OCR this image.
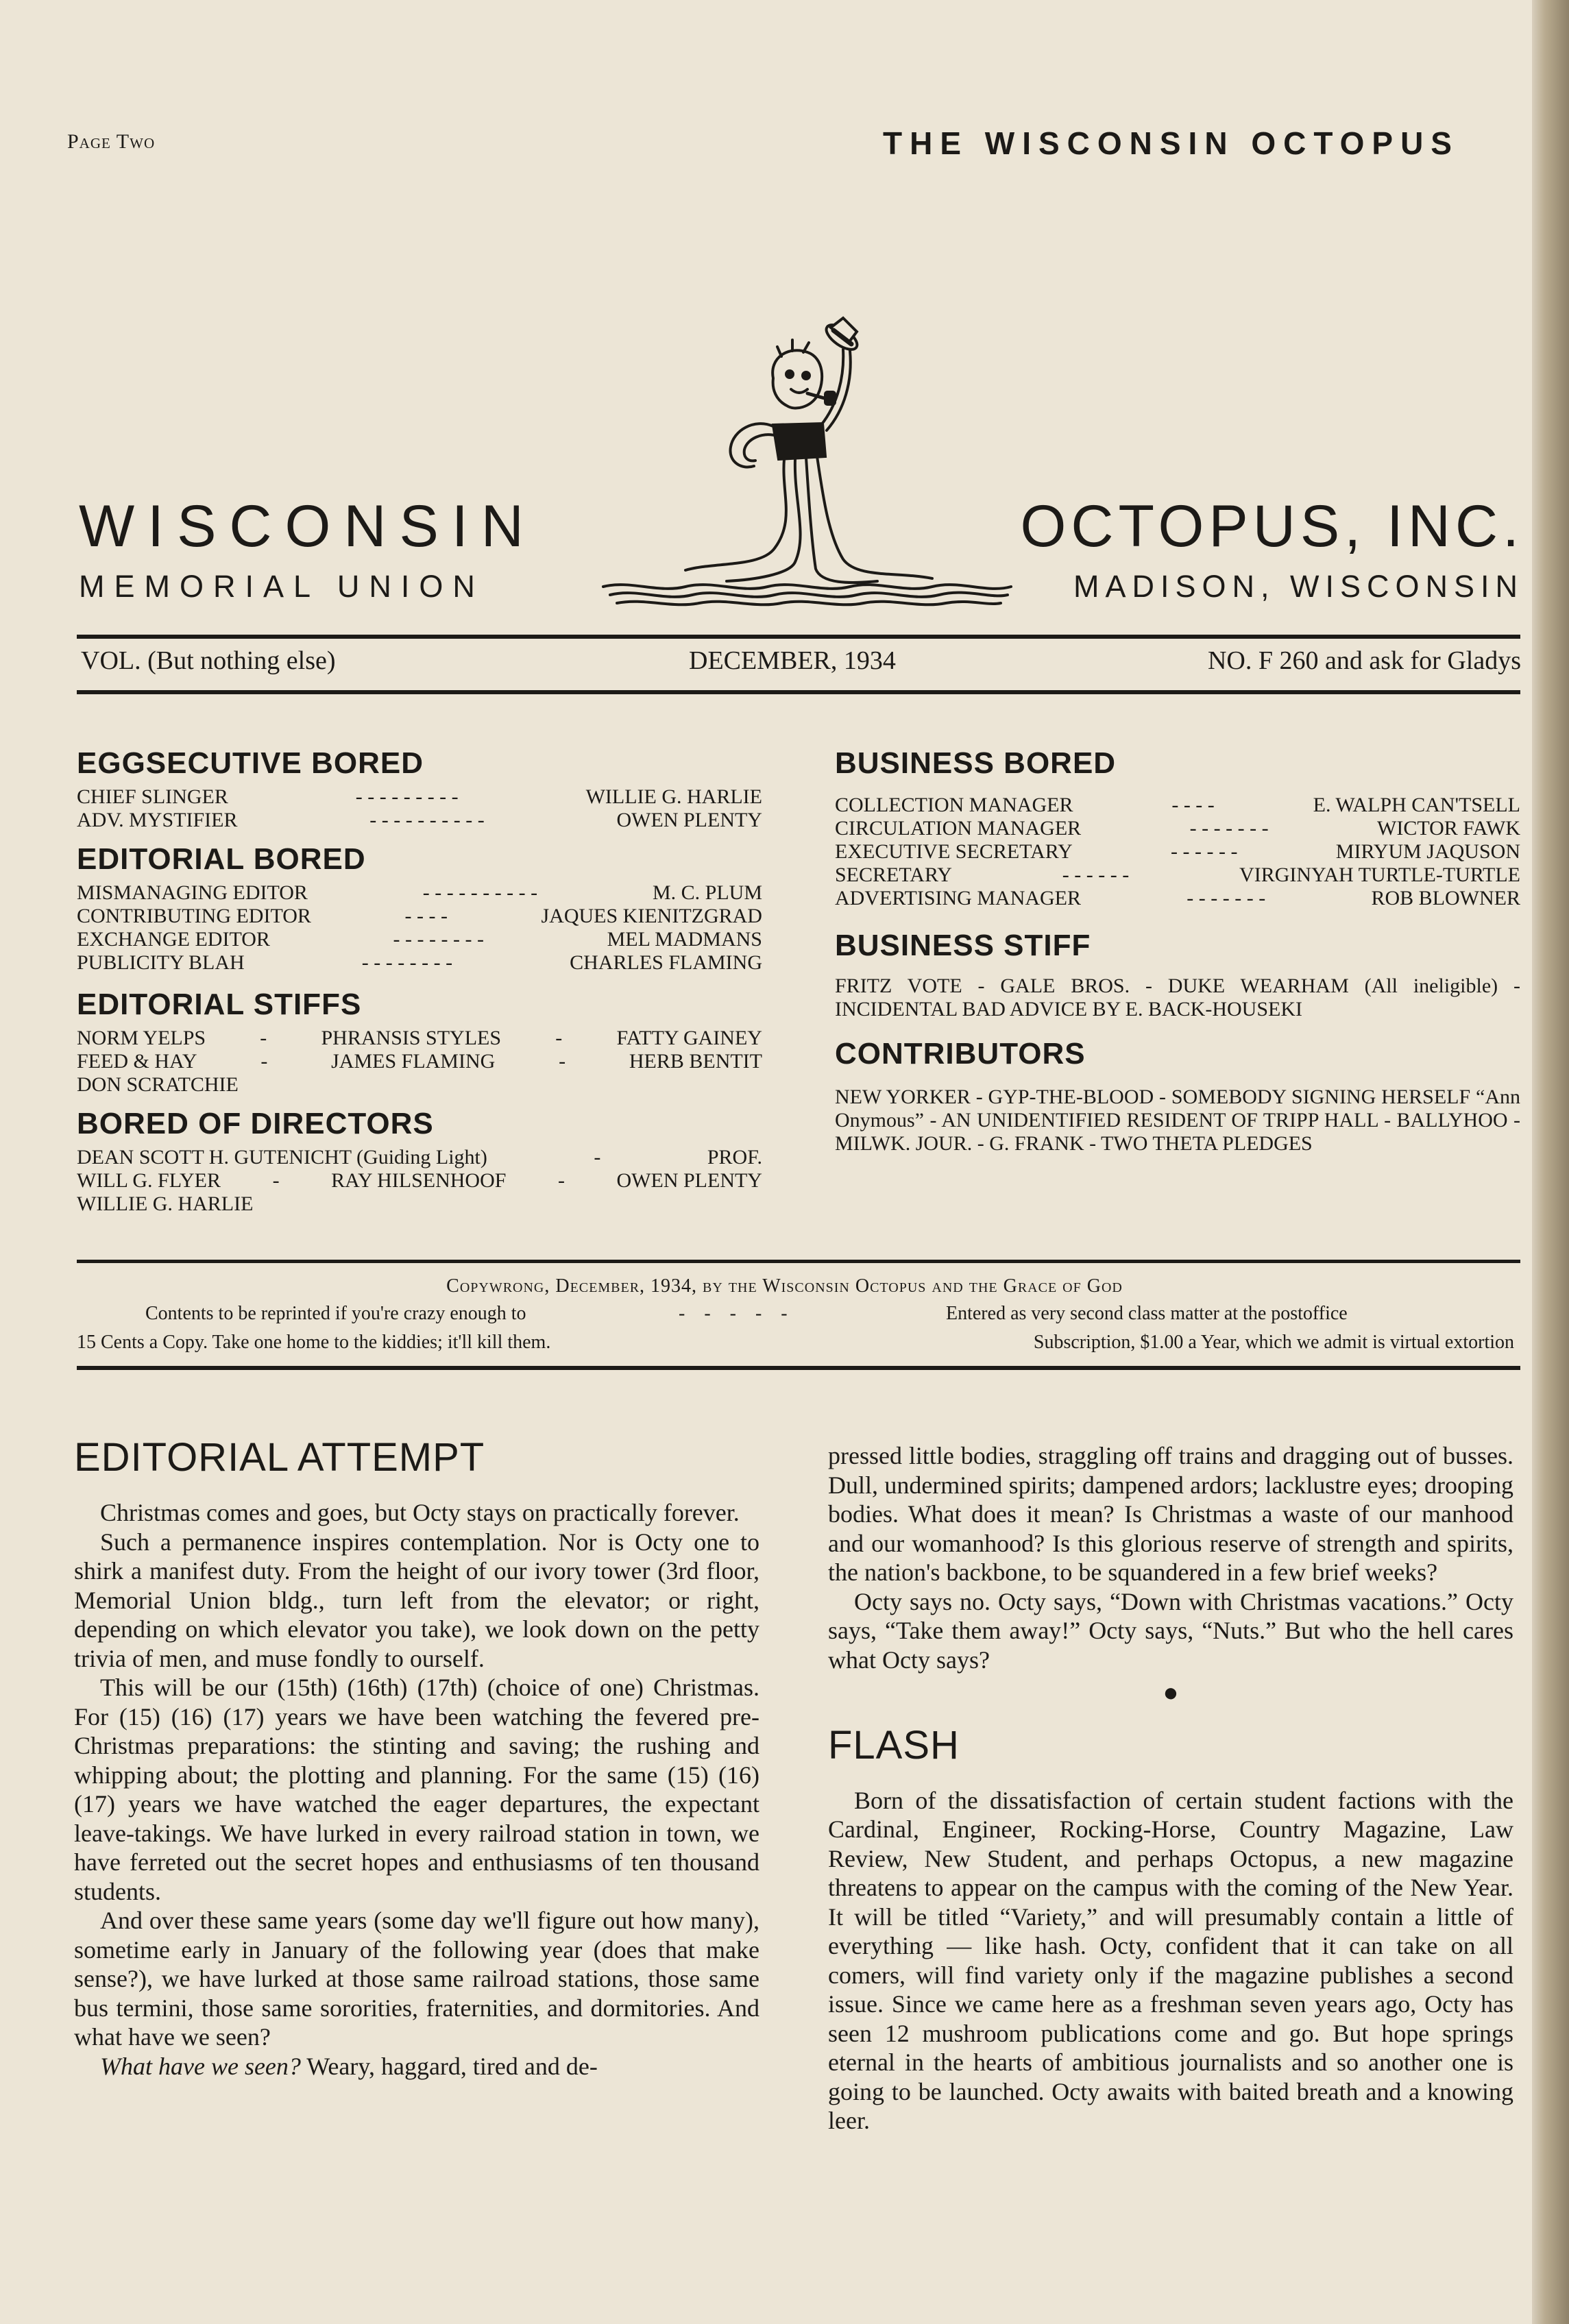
Page Two	THE WISCONSIN OCTOPUS
WISCONSIN
MEMORIAL UNION
OCTOPUS, INC.
MADISON, WISCONSIN
VOL. (But nothing else)	DECEMBER, 1934	NO. F 260 and ask for Gladys
EGGSECUTIVE BORED
CHIEF SLINGER	- - - - - - - - -	WILLIE G. HARLIE
ADV. MYSTIFIER	- - - - - - - - - -	OWEN PLENTY
EDITORIAL BORED
MISMANAGING EDITOR	- - - - - - - - - -	M. C. PLUM
CONTRIBUTING EDITOR	- - - -	JAQUES KIENITZGRAD
EXCHANGE EDITOR	- - - - - - - -	MEL MADMANS
PUBLICITY BLAH	- - - - - - - -	CHARLES FLAMING
EDITORIAL STIFFS
NORM YELPS	-	PHRANSIS STYLES	-	FATTY GAINEY
FEED & HAY	-	JAMES FLAMING	-	HERB BENTIT
DON SCRATCHIE
BORED OF DIRECTORS
DEAN SCOTT H. GUTENICHT (Guiding Light)	-	PROF.
WILL G. FLYER	-	RAY HILSENHOOF	-	OWEN PLENTY
WILLIE G. HARLIE
BUSINESS BORED
COLLECTION MANAGER	- - - -	E. WALPH CAN'TSELL
CIRCULATION MANAGER	- - - - - - -	WICTOR FAWK
EXECUTIVE SECRETARY	- - - - - -	MIRYUM JAQUSON
SECRETARY	- - - - - -	VIRGINYAH TURTLE-TURTLE
ADVERTISING MANAGER	- - - - - - -	ROB BLOWNER
BUSINESS STIFF
FRITZ VOTE - GALE BROS. - DUKE WEARHAM (All ineligible) - INCIDENTAL BAD ADVICE BY E. BACK-HOUSEKI
CONTRIBUTORS
NEW YORKER - GYP-THE-BLOOD - SOMEBODY SIGNING HERSELF “Ann Onymous” - AN UNIDENTIFIED RESIDENT OF TRIPP HALL - BALLYHOO - MILWK. JOUR. - G. FRANK - TWO THETA PLEDGES
Copywrong, December, 1934, by the Wisconsin Octopus and the Grace of God
Contents to be reprinted if you're crazy enough to	-    -    -    -    -	Entered as very second class matter at the postoffice
15 Cents a Copy. Take one home to the kiddies; it'll kill them.	Subscription, $1.00 a Year, which we admit is virtual extortion
EDITORIAL ATTEMPT

Christmas comes and goes, but Octy stays on practically forever.

Such a permanence inspires contemplation. Nor is Octy one to shirk a manifest duty. From the height of our ivory tower (3rd floor, Memorial Union bldg., turn left from the elevator; or right, depending on which elevator you take), we look down on the petty trivia of men, and muse fondly to ourself.

This will be our (15th) (16th) (17th) (choice of one) Christmas. For (15) (16) (17) years we have been watching the fevered pre-Christmas preparations: the stinting and saving; the rushing and whipping about; the plotting and planning. For the same (15) (16) (17) years we have watched the eager departures, the expectant leave-takings. We have lurked in every railroad station in town, we have ferreted out the secret hopes and enthusiasms of ten thousand students.

And over these same years (some day we'll figure out how many), sometime early in January of the following year (does that make sense?), we have lurked at those same railroad stations, those same bus termini, those same sororities, fraternities, and dormitories. And what have we seen?

What have we seen? Weary, haggard, tired and de-

pressed little bodies, straggling off trains and dragging out of busses. Dull, undermined spirits; dampened ardors; lacklustre eyes; drooping bodies. What does it mean? Is Christmas a waste of our manhood and our womanhood? Is this glorious reserve of strength and spirits, the nation's backbone, to be squandered in a few brief weeks?

Octy says no. Octy says, “Down with Christmas vacations.” Octy says, “Take them away!” Octy says, “Nuts.” But who the hell cares what Octy says?

●
FLASH

Born of the dissatisfaction of certain student factions with the Cardinal, Engineer, Rocking-Horse, Country Magazine, Law Review, New Student, and perhaps Octopus, a new magazine threatens to appear on the campus with the coming of the New Year. It will be titled “Variety,” and will presumably contain a little of everything — like hash. Octy, confident that it can take on all comers, will find variety only if the magazine publishes a second issue. Since we came here as a freshman seven years ago, Octy has seen 12 mushroom publications come and go. But hope springs eternal in the hearts of ambitious journalists and so another one is going to be launched. Octy awaits with baited breath and a knowing leer.
